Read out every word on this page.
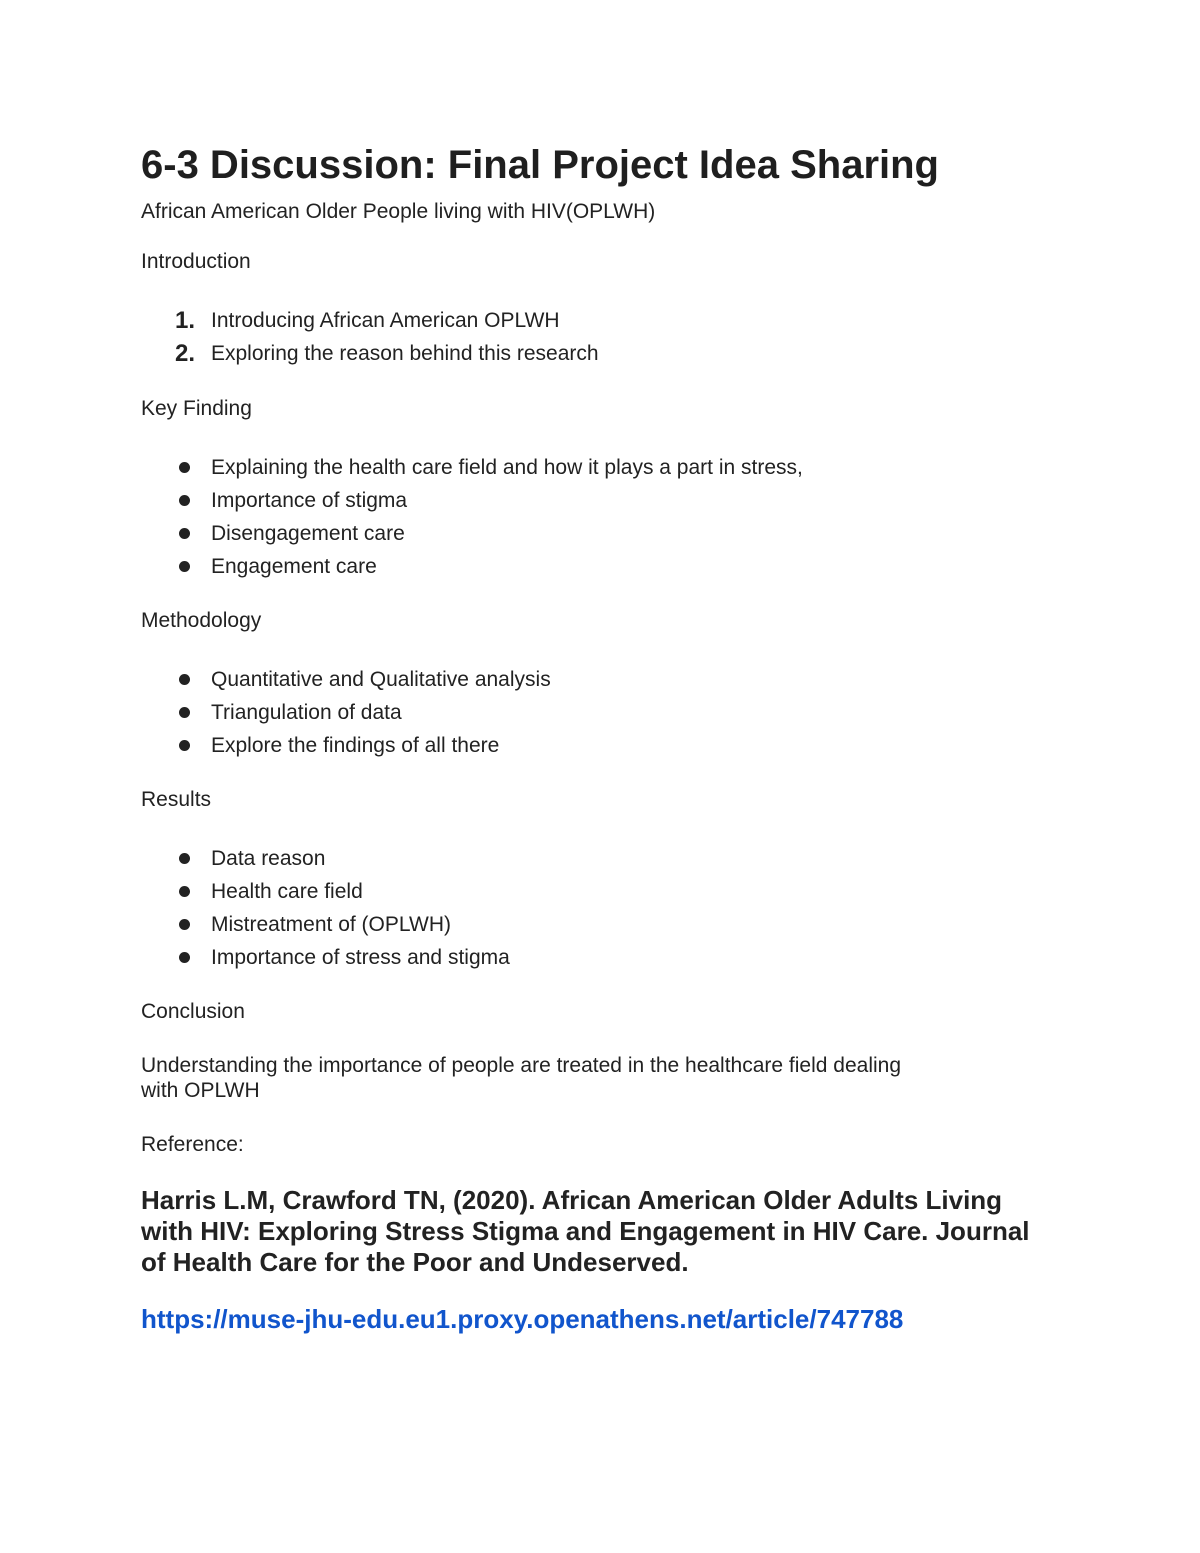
6-3 Discussion: Final Project Idea Sharing
African American Older People living with HIV(OPLWH)
Introduction
1. Introducing African American OPLWH
2. Exploring the reason behind this research
Key Finding
Explaining the health care field and how it plays a part in stress,
Importance of stigma
Disengagement care
Engagement care
Methodology
Quantitative and Qualitative analysis
Triangulation of data
Explore the findings of all there
Results
Data reason
Health care field
Mistreatment of (OPLWH)
Importance of stress and stigma
Conclusion
Understanding the importance of people are treated in the healthcare field dealing
with OPLWH
Reference:
Harris L.M, Crawford TN, (2020). African American Older Adults Living
with HIV: Exploring Stress Stigma and Engagement in HIV Care. Journal
of Health Care for the Poor and Undeserved.
https://muse-jhu-edu.eu1.proxy.openathens.net/article/747788
